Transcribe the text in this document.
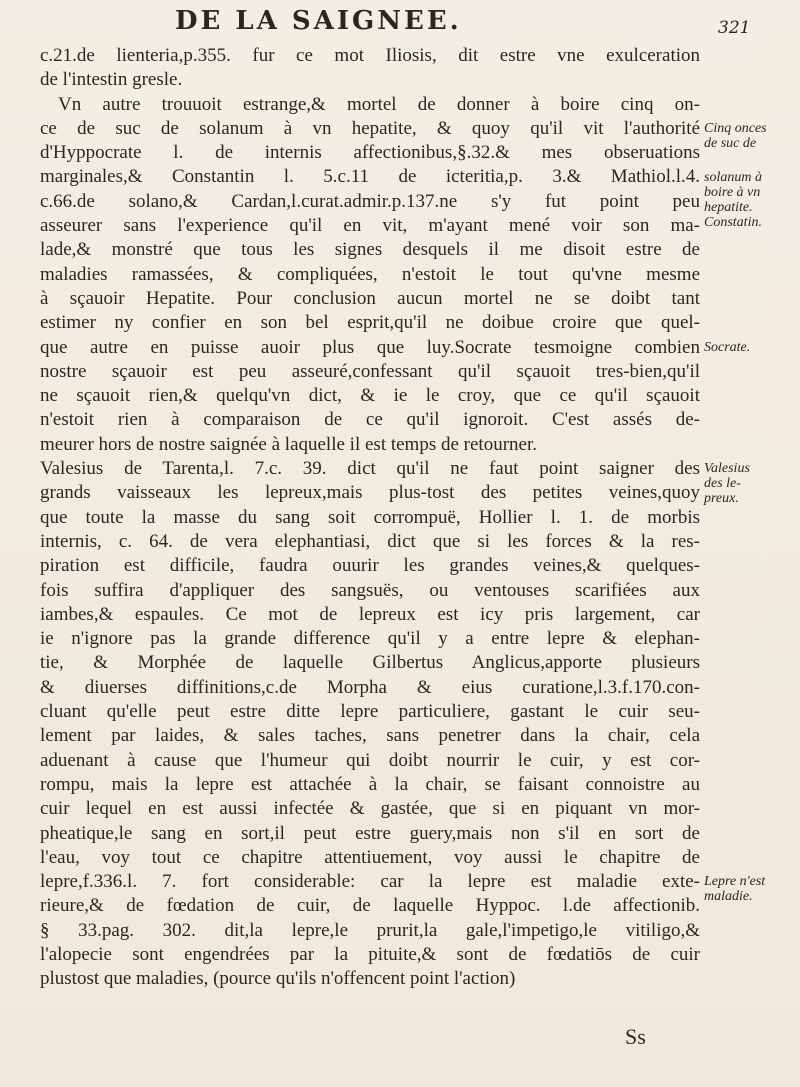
DE LA SAIGNEE.	321
c.21.de lienteria,p.355. fur ce mot Iliosis, dit estre vne exulceration
de l'intestin gresle.
Vn autre trouuoit estrange,& mortel de donner à boire cinq on-
ce de suc de solanum à vn hepatite, & quoy qu'il vit l'authorité
d'Hyppocrate l. de internis affectionibus,§.32.& mes obseruations
marginales,& Constantin l. 5.c.11 de icteritia,p. 3.& Mathiol.l.4.
c.66.de solano,& Cardan,l.curat.admir.p.137.ne s'y fut point peu
asseurer sans l'experience qu'il en vit, m'ayant mené voir son ma-
lade,& monstré que tous les signes desquels il me disoit estre de
maladies ramassées, & compliquées, n'estoit le tout qu'vne mesme
à sçauoir Hepatite. Pour conclusion aucun mortel ne se doibt tant
estimer ny confier en son bel esprit,qu'il ne doibue croire que quel-
que autre en puisse auoir plus que luy.Socrate tesmoigne combien
nostre sçauoir est peu asseuré,confessant qu'il sçauoit tres-bien,qu'il
ne sçauoit rien,& quelqu'vn dict, & ie le croy, que ce qu'il sçauoit
n'estoit rien à comparaison de ce qu'il ignoroit. C'est assés de-
meurer hors de nostre saignée à laquelle il est temps de retourner.
Valesius de Tarenta,l. 7.c. 39. dict qu'il ne faut point saigner des
grands vaisseaux les lepreux,mais plus-tost des petites veines,quoy
que toute la masse du sang soit corrompuë, Hollier l. 1. de morbis
internis, c. 64. de vera elephantiasi, dict que si les forces & la res-
piration est difficile, faudra ouurir les grandes veines,& quelques-
fois suffira d'appliquer des sangsuës, ou ventouses scarifiées aux
iambes,& espaules. Ce mot de lepreux est icy pris largement, car
ie n'ignore pas la grande difference qu'il y a entre lepre & elephan-
tie, & Morphée de laquelle Gilbertus Anglicus,apporte plusieurs
& diuerses diffinitions,c.de Morpha & eius curatione,l.3.f.170.con-
cluant qu'elle peut estre ditte lepre particuliere, gastant le cuir seu-
lement par laides, & sales taches, sans penetrer dans la chair, cela
aduenant à cause que l'humeur qui doibt nourrir le cuir, y est cor-
rompu, mais la lepre est attachée à la chair, se faisant connoistre au
cuir lequel en est aussi infectée & gastée, que si en piquant vn mor-
pheatique,le sang en sort,il peut estre guery,mais non s'il en sort de
l'eau, voy tout ce chapitre attentiuement, voy aussi le chapitre de
lepre,f.336.l. 7. fort considerable: car la lepre est maladie exte-
rieure,& de fœdation de cuir, de laquelle Hyppoc. l.de affectionib.
§ 33.pag. 302. dit,la lepre,le prurit,la gale,l'impetigo,le vitiligo,&
l'alopecie sont engendrées par la pituite,& sont de fœdatiōs de cuir
plustost que maladies, (pource qu'ils n'offencent point l'action)
Cinq onces
de suc de
solanum à
boire à vn
hepatite.
Constatin.
Socrate.
Valesius
des le-
preux.
Lepre n'est
maladie.
Ss
